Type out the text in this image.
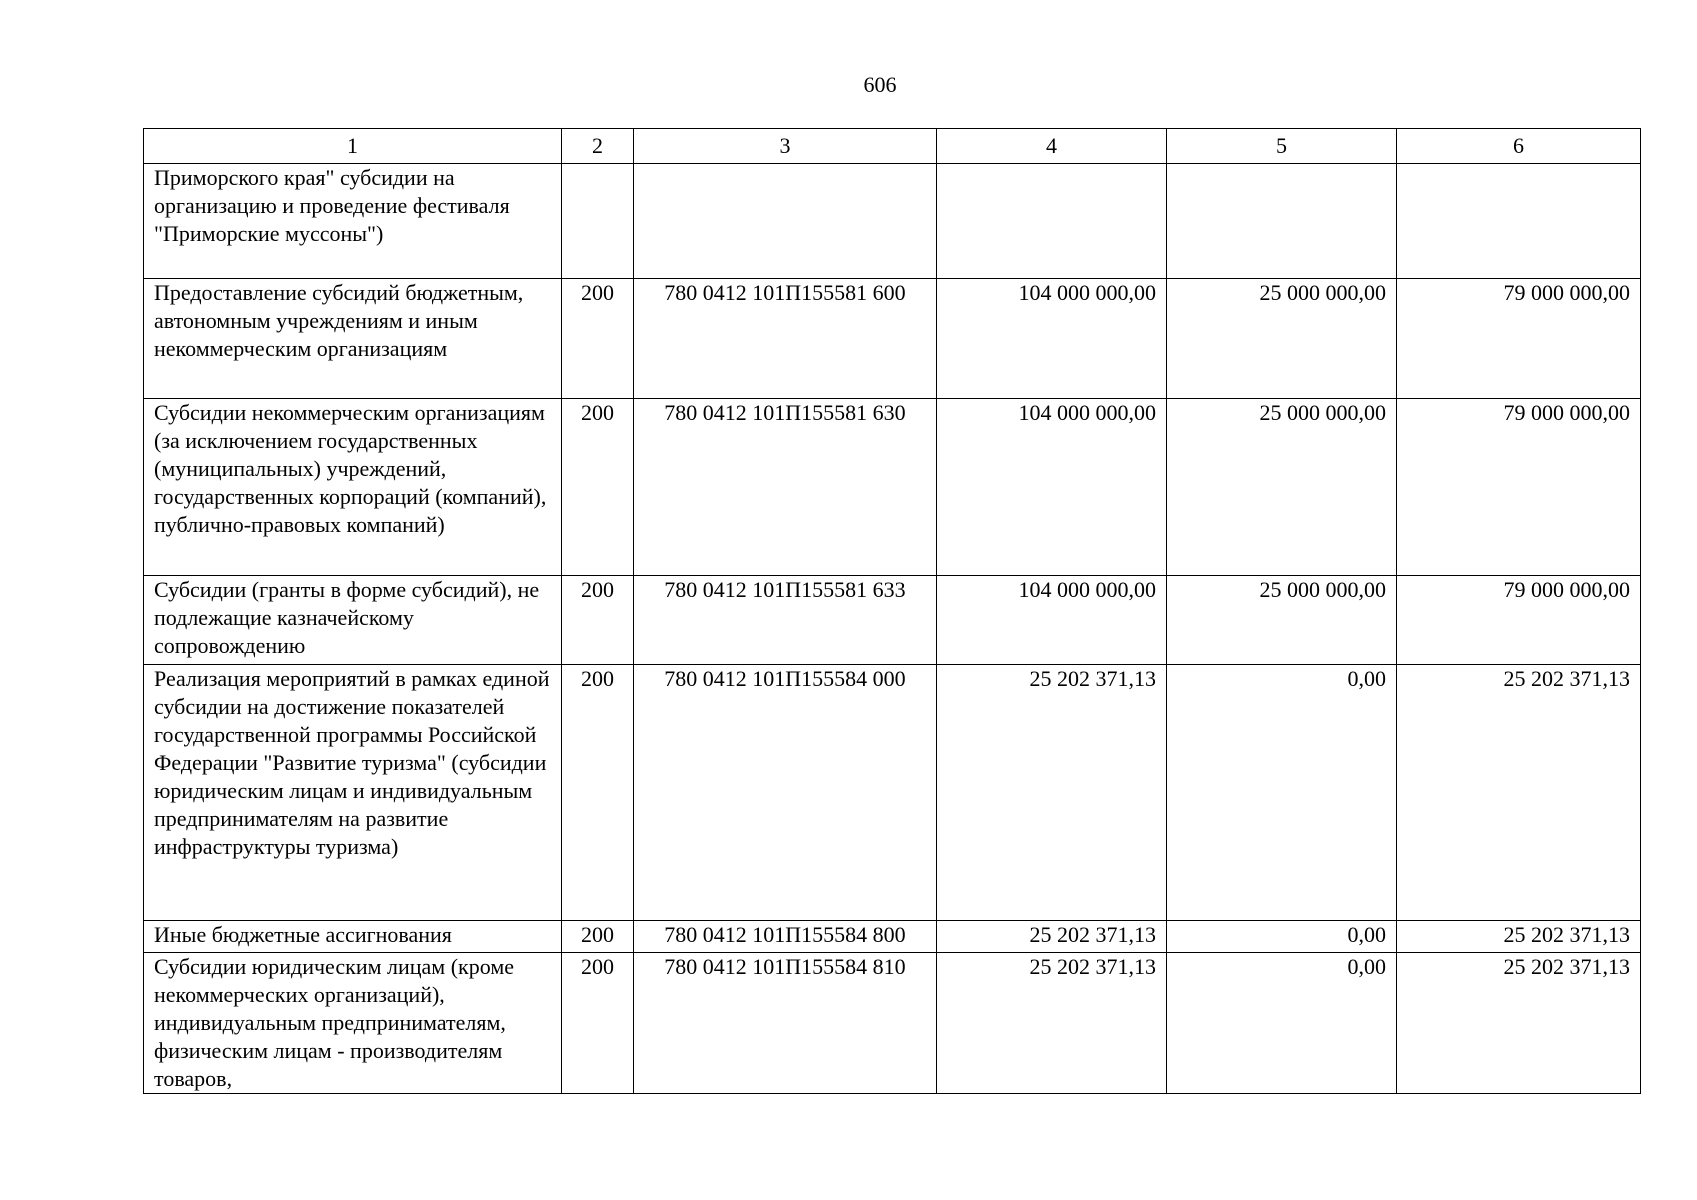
606
1	2	3	4	5	6
Приморского края" субсидии на организацию и проведение фестиваля "Приморские муссоны")					
Предоставление субсидий бюджетным, автономным учреждениям и иным некоммерческим организациям	200	780 0412 101П155581 600	104 000 000,00	25 000 000,00	79 000 000,00
Субсидии некоммерческим организациям (за исключением государственных (муниципальных) учреждений, государственных корпораций (компаний), публично-правовых компаний)	200	780 0412 101П155581 630	104 000 000,00	25 000 000,00	79 000 000,00
Субсидии (гранты в форме субсидий), не подлежащие казначейскому сопровождению	200	780 0412 101П155581 633	104 000 000,00	25 000 000,00	79 000 000,00
Реализация мероприятий в рамках единой субсидии на достижение показателей государственной программы Российской Федерации "Развитие туризма" (субсидии юридическим лицам и индивидуальным предпринимателям на развитие инфраструктуры туризма)	200	780 0412 101П155584 000	25 202 371,13	0,00	25 202 371,13
Иные бюджетные ассигнования	200	780 0412 101П155584 800	25 202 371,13	0,00	25 202 371,13
Субсидии юридическим лицам (кроме некоммерческих организаций), индивидуальным предпринимателям, физическим лицам - производителям товаров,	200	780 0412 101П155584 810	25 202 371,13	0,00	25 202 371,13
